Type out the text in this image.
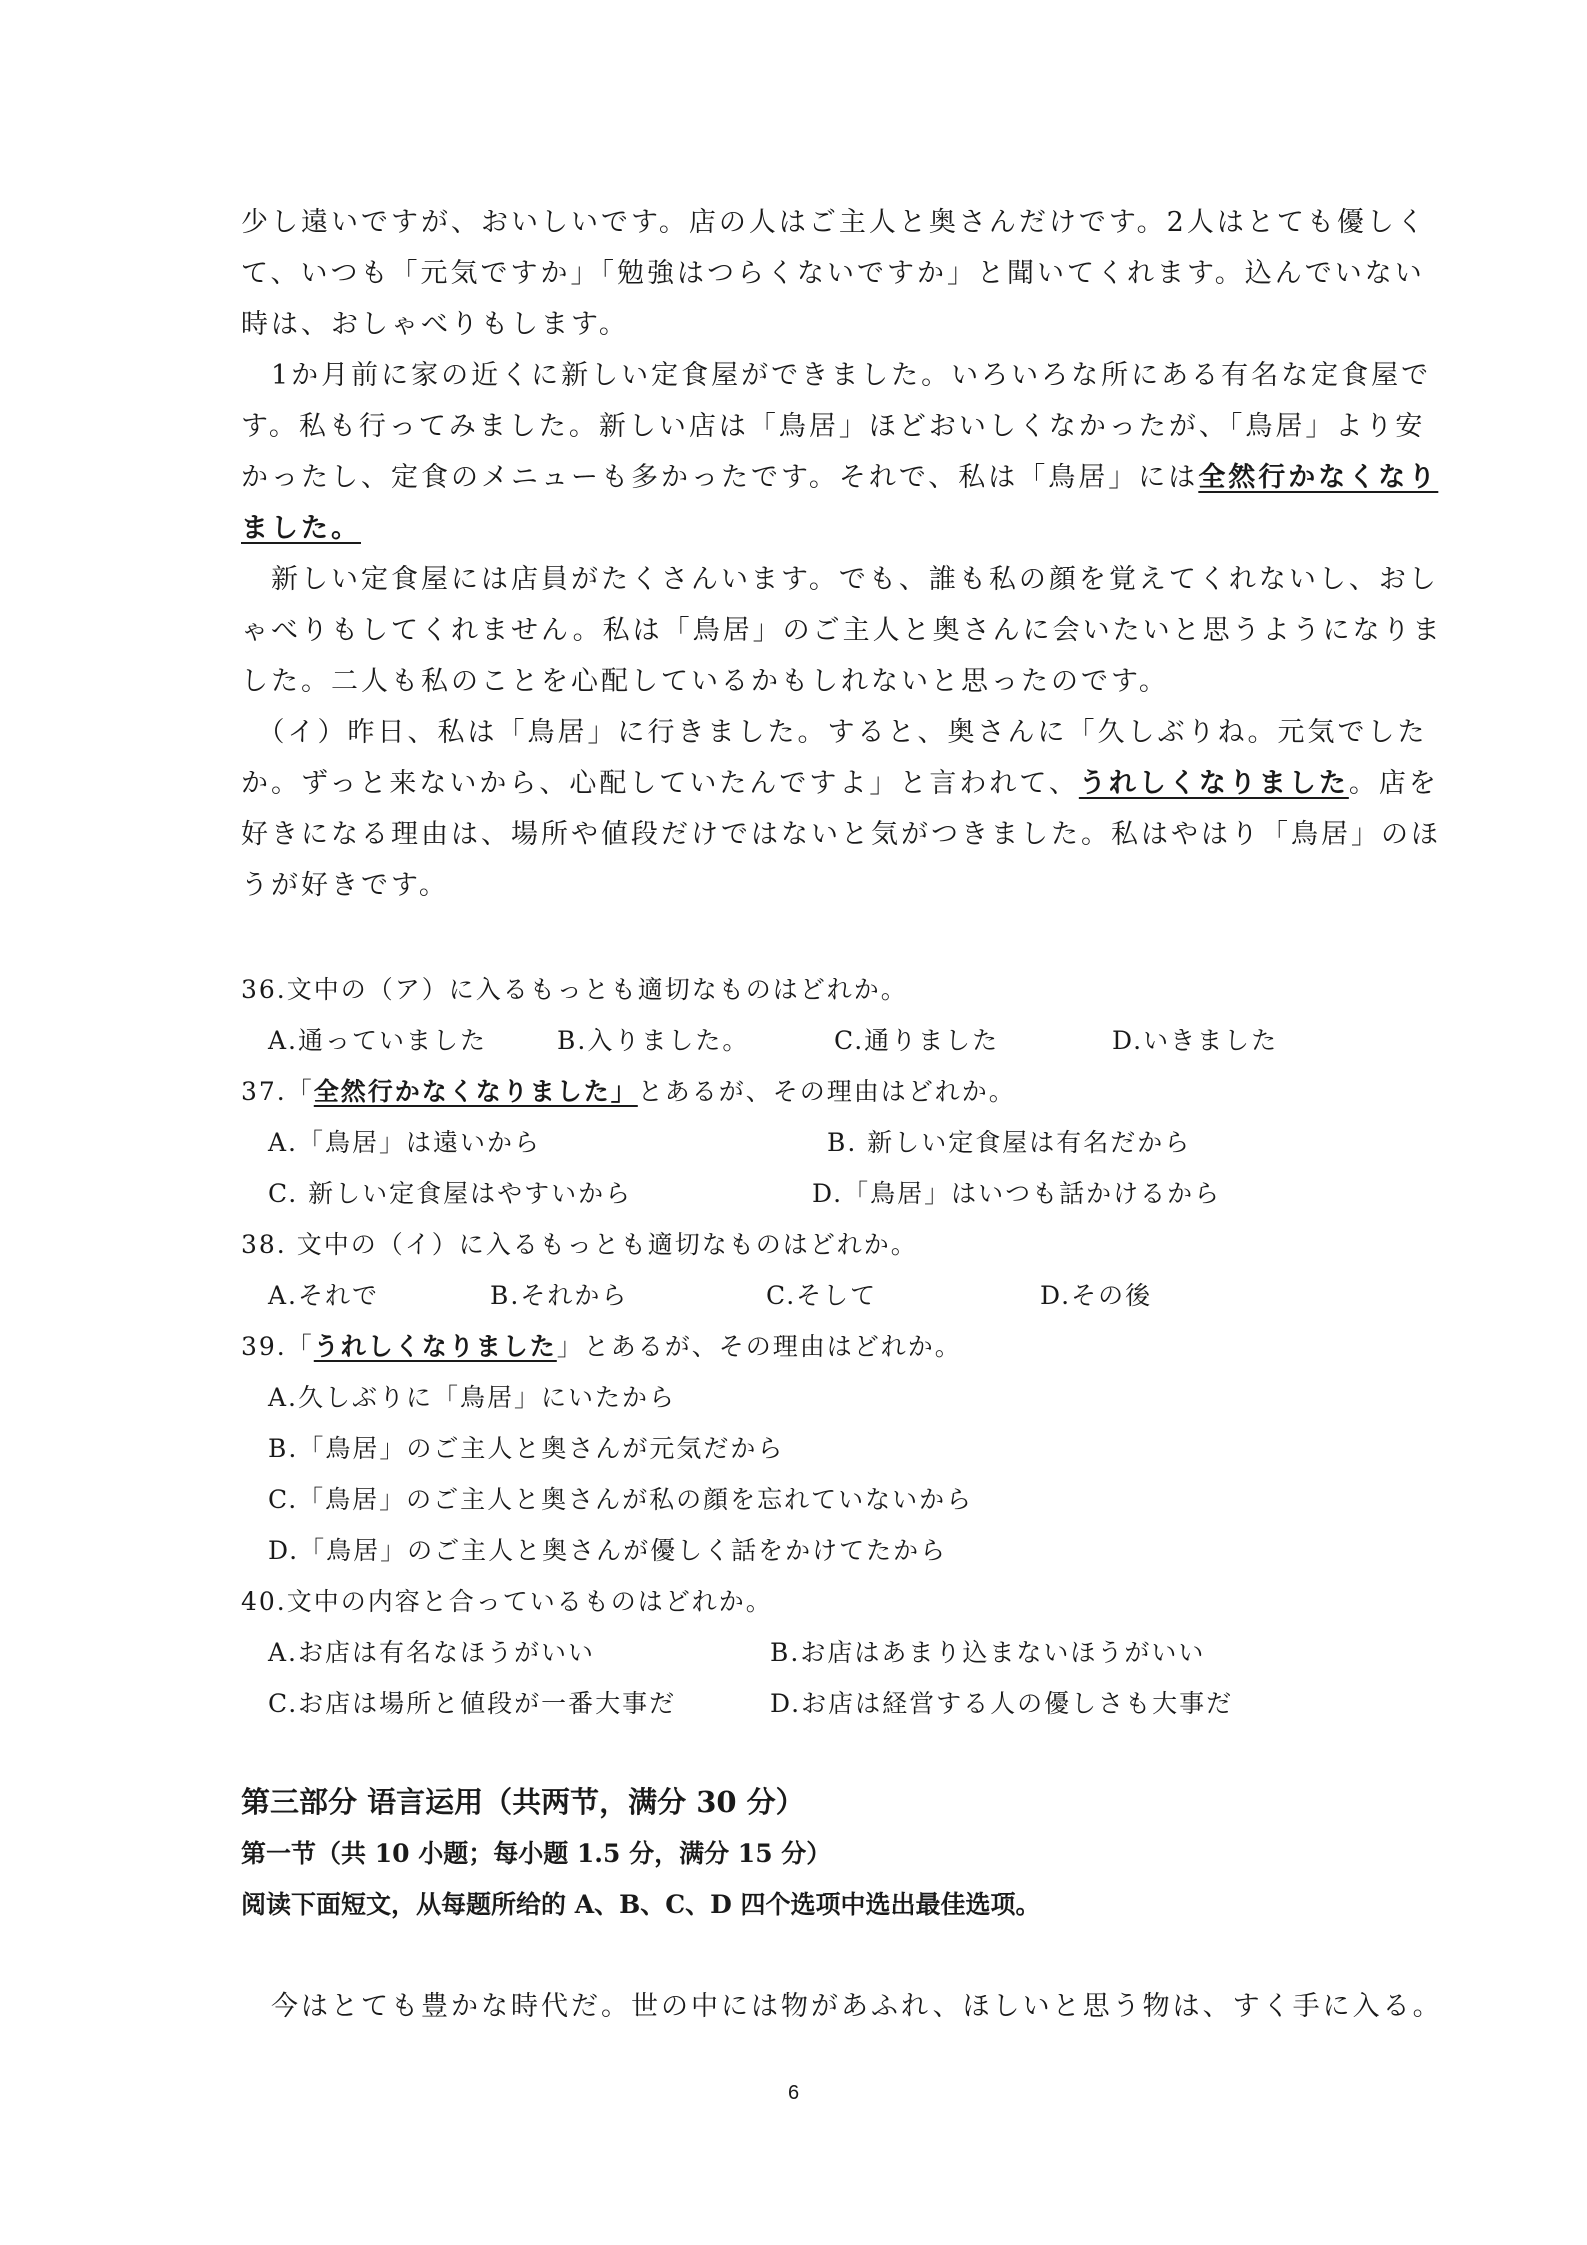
少し遠いですが、おいしいです。店の人はご主人と奥さんだけです。2人はとても優しく
て、いつも「元気ですか」「勉強はつらくないですか」と聞いてくれます。込んでいない
時は、おしゃべりもします。
　1か月前に家の近くに新しい定食屋ができました。いろいろな所にある有名な定食屋で
す。私も行ってみました。新しい店は「鳥居」ほどおいしくなかったが、「鳥居」より安
かったし、定食のメニューも多かったです。それで、私は「鳥居」には全然行かなくなり
ました。
　新しい定食屋には店員がたくさんいます。でも、誰も私の顔を覚えてくれないし、おし
ゃべりもしてくれません。私は「鳥居」のご主人と奥さんに会いたいと思うようになりま
した。二人も私のことを心配しているかもしれないと思ったのです。
　（イ）昨日、私は「鳥居」に行きました。すると、奥さんに「久しぶりね。元気でした
か。ずっと来ないから、心配していたんですよ」と言われて、うれしくなりました。店を
好きになる理由は、場所や値段だけではないと気がつきました。私はやはり「鳥居」のほ
うが好きです。
36.文中の（ア）に入るもっとも適切なものはどれか。
A.通っていました	B.入りました。	C.通りました	D.いきました
37.「全然行かなくなりました」とあるが、その理由はどれか。
A.「鳥居」は遠いから	B. 新しい定食屋は有名だから
C. 新しい定食屋はやすいから	D.「鳥居」はいつも話かけるから
38. 文中の（イ）に入るもっとも適切なものはどれか。
A.それで	B.それから	C.そして	D.その後
39.「うれしくなりました」とあるが、その理由はどれか。
A.久しぶりに「鳥居」にいたから
B.「鳥居」のご主人と奥さんが元気だから
C.「鳥居」のご主人と奥さんが私の顔を忘れていないから
D.「鳥居」のご主人と奥さんが優しく話をかけてたから
40.文中の内容と合っているものはどれか。
A.お店は有名なほうがいい	B.お店はあまり込まないほうがいい
C.お店は場所と値段が一番大事だ	D.お店は経営する人の優しさも大事だ
第三部分 语言运用（共两节，满分 30 分）
第一节（共 10 小题；每小题 1.5 分，满分 15 分）
阅读下面短文，从每题所给的 A、B、C、D 四个选项中选出最佳选项。
　今はとても豊かな時代だ。世の中には物があふれ、ほしいと思う物は、すく手に入る。
6
